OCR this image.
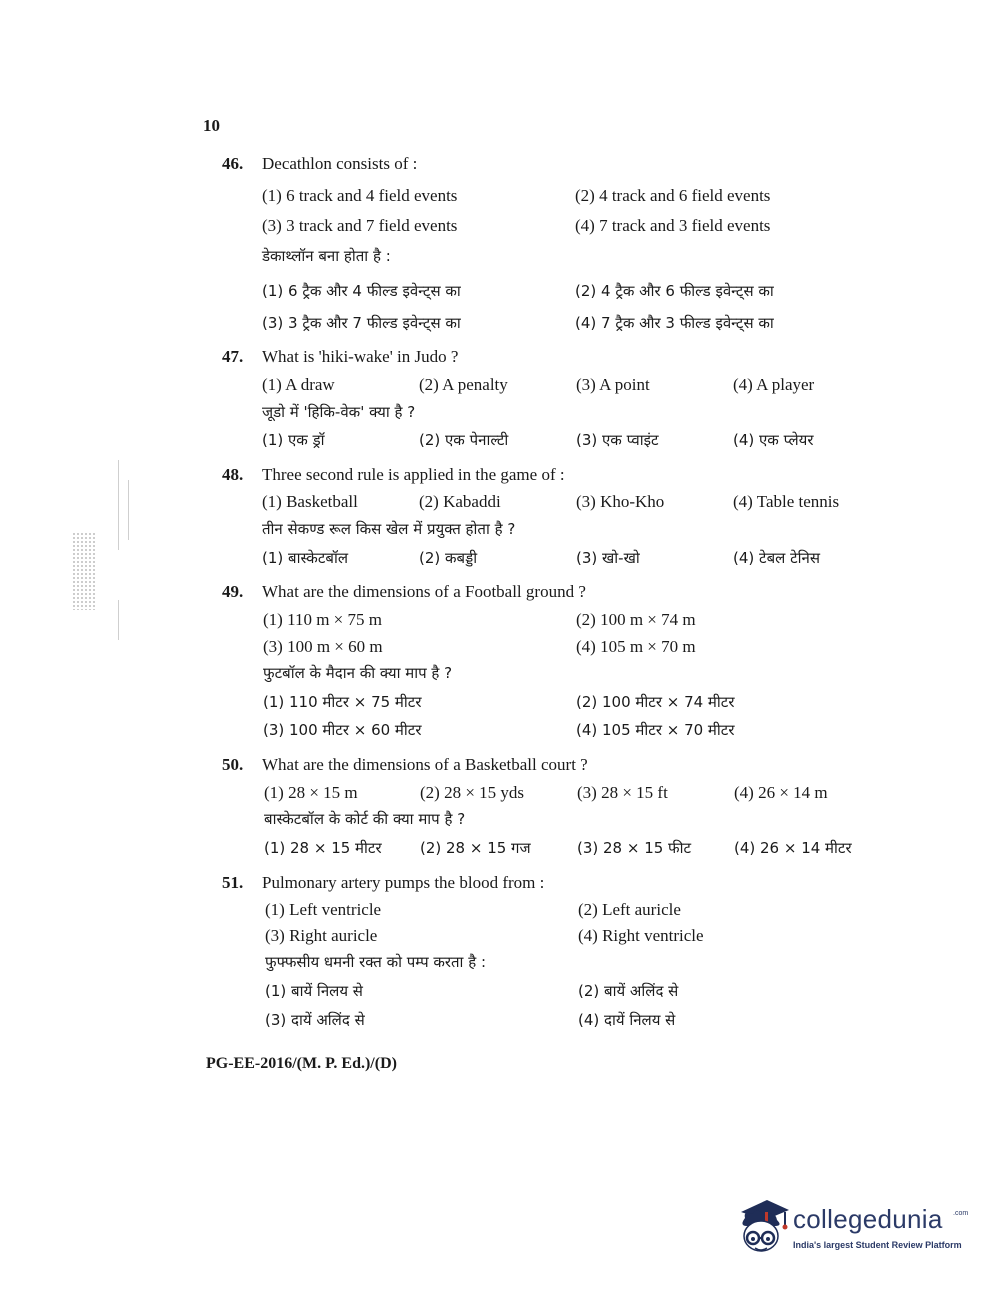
10
46.	Decathlon consists of :
(1) 6 track and 4 field events	(2) 4 track and 6 field events
(3) 3 track and 7 field events	(4) 7 track and 3 field events
डेकाथ्लॉन बना होता है :
(1) 6 ट्रैक और 4 फील्ड इवेन्ट्स का	(2) 4 ट्रैक और 6 फील्ड इवेन्ट्स का
(3) 3 ट्रैक और 7 फील्ड इवेन्ट्स का	(4) 7 ट्रैक और 3 फील्ड इवेन्ट्स का
47.	What is 'hiki-wake' in Judo ?
(1) A draw	(2) A penalty	(3) A point	(4) A player
जूडो में 'हिकि-वेक' क्या है ?
(1) एक ड्रॉ	(2) एक पेनाल्टी	(3) एक प्वाइंट	(4) एक प्लेयर
48.	Three second rule is applied in the game of :
(1) Basketball	(2) Kabaddi	(3) Kho-Kho	(4) Table tennis
तीन सेकण्ड रूल किस खेल में प्रयुक्त होता है ?
(1) बास्केटबॉल	(2) कबड्डी	(3) खो-खो	(4) टेबल टेनिस
49.	What are the dimensions of a Football ground ?
(1) 110 m × 75 m	(2) 100 m × 74 m
(3) 100 m × 60 m	(4) 105 m × 70 m
फुटबॉल के मैदान की क्या माप है ?
(1) 110 मीटर × 75 मीटर	(2) 100 मीटर × 74 मीटर
(3) 100 मीटर × 60 मीटर	(4) 105 मीटर × 70 मीटर
50.	What are the dimensions of a Basketball court ?
(1) 28 × 15 m	(2) 28 × 15 yds	(3) 28 × 15 ft	(4) 26 × 14 m
बास्केटबॉल के कोर्ट की क्या माप है ?
(1) 28 × 15 मीटर	(2) 28 × 15 गज	(3) 28 × 15 फीट	(4) 26 × 14 मीटर
51.	Pulmonary artery pumps the blood from :
(1) Left ventricle	(2) Left auricle
(3) Right auricle	(4) Right ventricle
फुफ्फसीय धमनी रक्त को पम्प करता है :
(1) बायें निलय से	(2) बायें अलिंद से
(3) दायें अलिंद से	(4) दायें निलय से
PG-EE-2016/(M. P. Ed.)/(D)
collegedunia .com
India's largest Student Review Platform
